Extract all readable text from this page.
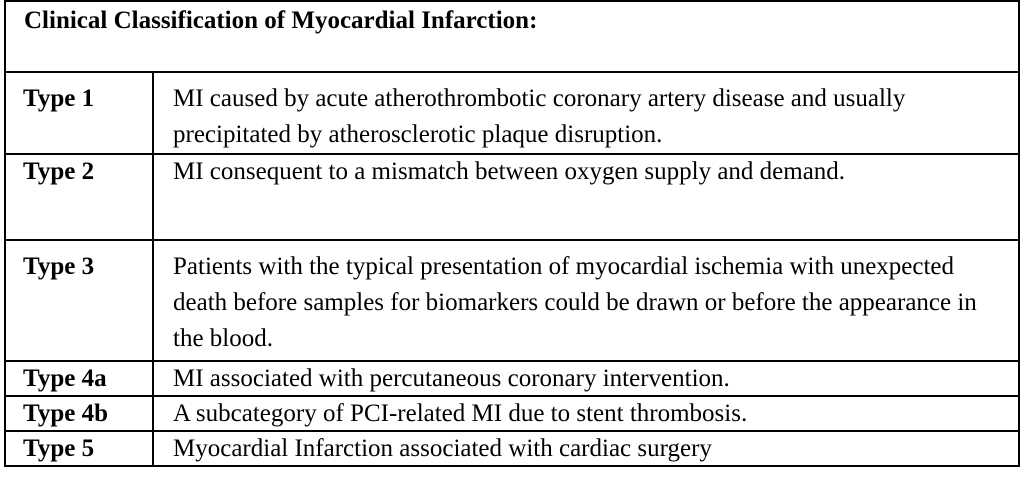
Clinical Classification of Myocardial Infarction:	

Type 1	MI caused by acute atherothrombotic coronary artery disease and usually precipitated by atherosclerotic plaque disruption.

Type 2	MI consequent to a mismatch between oxygen supply and demand.

Type 3	Patients with the typical presentation of myocardial ischemia with unexpected death before samples for biomarkers could be drawn or before the appearance in the blood.

Type 4a	MI associated with percutaneous coronary intervention.

Type 4b	A subcategory of PCI-related MI due to stent thrombosis.

Type 5	Myocardial Infarction associated with cardiac surgery
